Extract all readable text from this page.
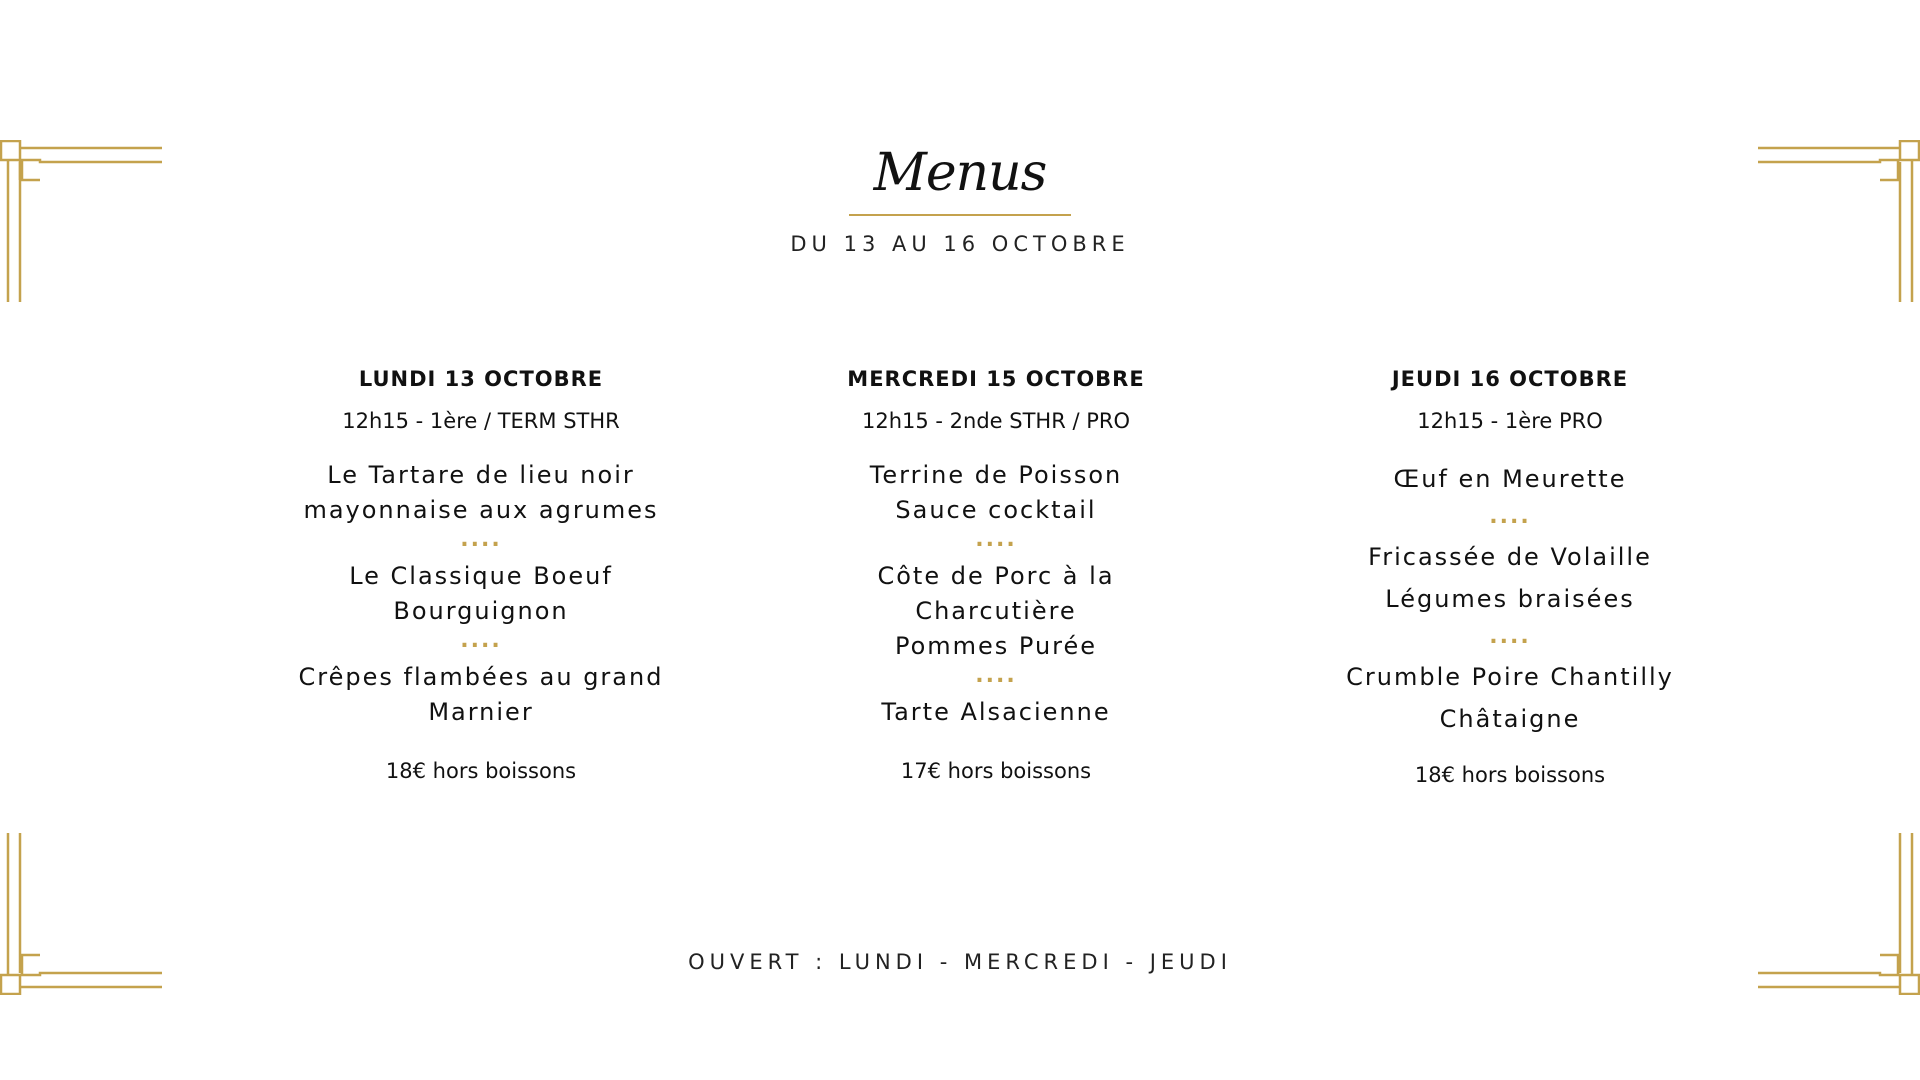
Menus
DU 13 AU 16 OCTOBRE
LUNDI 13 OCTOBRE
12h15 - 1ère / TERM STHR
Le Tartare de lieu noir
mayonnaise aux agrumes
....
Le Classique Boeuf
Bourguignon
....
Crêpes flambées au grand
Marnier
18€ hors boissons
MERCREDI 15 OCTOBRE
12h15 - 2nde STHR / PRO
Terrine de Poisson
Sauce cocktail
....
Côte de Porc à la
Charcutière
Pommes Purée
....
Tarte Alsacienne
17€ hors boissons
JEUDI 16 OCTOBRE
12h15 - 1ère PRO
Œuf en Meurette
....
Fricassée de Volaille
Légumes braisées
....
Crumble Poire Chantilly
Châtaigne
18€ hors boissons
OUVERT : LUNDI - MERCREDI - JEUDI
